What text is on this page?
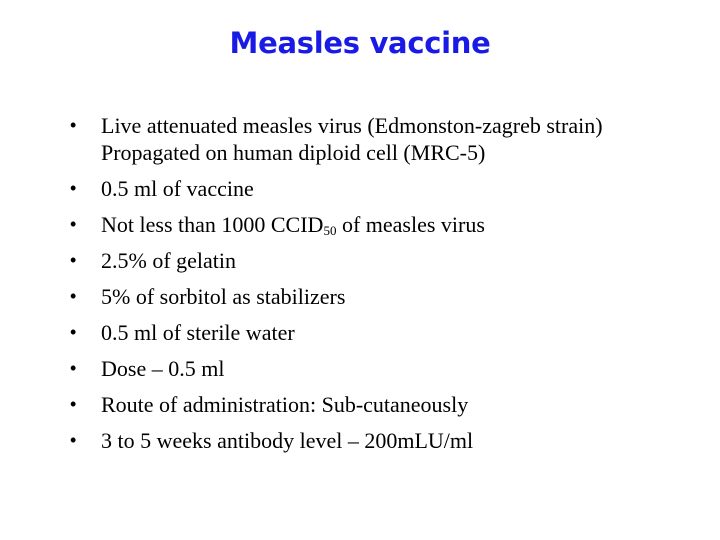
Measles vaccine
• Live attenuated measles virus (Edmonston-zagreb strain) Propagated on human diploid cell (MRC-5)
• 0.5 ml of vaccine
• Not less than 1000 $CCID_{50}$ of measles virus
• 2.5% of gelatin
• 5% of sorbitol as stabilizers
• 0.5 ml of sterile water
• Dose – 0.5 ml
• Route of administration: Sub-cutaneously
• 3 to 5 weeks antibody level – 200mLU/ml
